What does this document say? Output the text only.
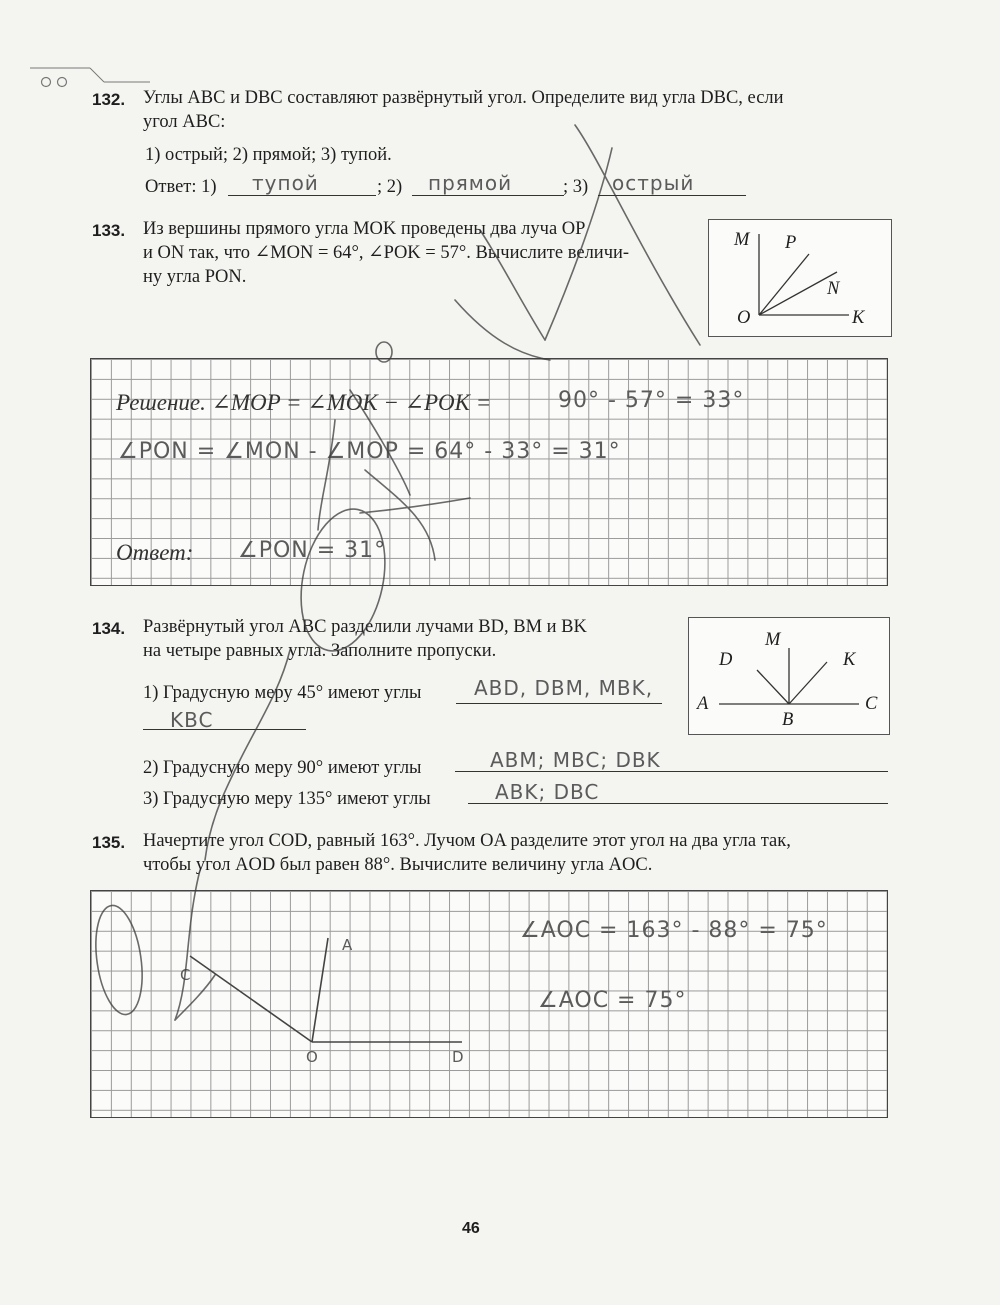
132. Углы ABC и DBC составляют развёрнутый угол. Определите вид угла DBC, если
угол ABC:
1) острый; 2) прямой; 3) тупой.
Ответ: 1) тупой	; 2) прямой	; 3) острый
133. Из вершины прямого угла MOK проведены два луча OP
и ON так, что ∠MON = 64°, ∠POK = 57°. Вычислите величи-
ну угла PON.
M P
N
O	K
Решение. ∠MOP = ∠MOK − ∠POK =	90° - 57° = 33°
∠PON = ∠MON - ∠MOP = 64° - 33° = 31°
Ответ: ∠PON = 31°
134. Развёрнутый угол ABC разделили лучами BD, BM и BK
на четыре равных угла. Заполните пропуски.
1) Градусную меру 45° имеют углы	ABD, DBM, MBK,
KBC
2) Градусную меру 90° имеют углы	ABM; MBC; DBK
3) Градусную меру 135° имеют углы	ABK; DBC
D
M
K
A
B
C
135. Начертите угол COD, равный 163°. Лучом OA разделите этот угол на два угла так,
чтобы угол AOD был равен 88°. Вычислите величину угла AOC.
A
C
O	D
∠AOC = 163° - 88° = 75°
∠AOC = 75°
46
